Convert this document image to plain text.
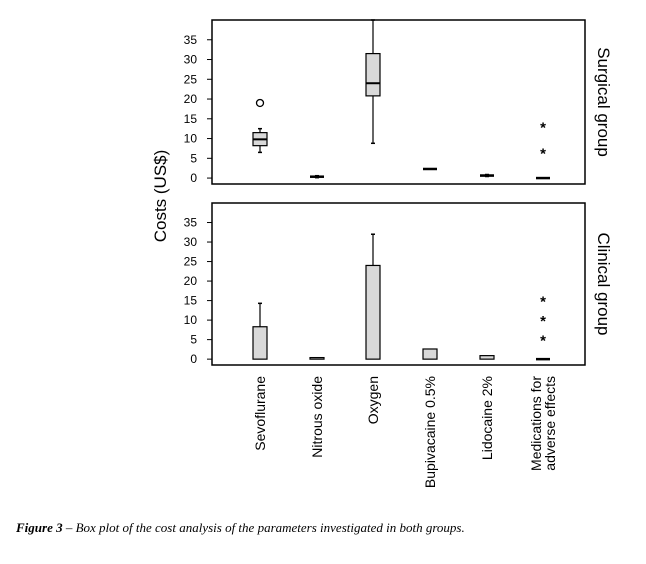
Costs (US$) 0
5
10
15
20
25
30
35
Surgical group
*
*
0
5
10
15
20
25
30
35
Clinical group
*
*
*
Sevoflurane	Nitrous oxide	Oxygen	Bupivacaine 0.5%	Lidocaine 2% Medications for
adverse effects
Figure 3 – Box plot of the cost analysis of the parameters investigated in both groups.
